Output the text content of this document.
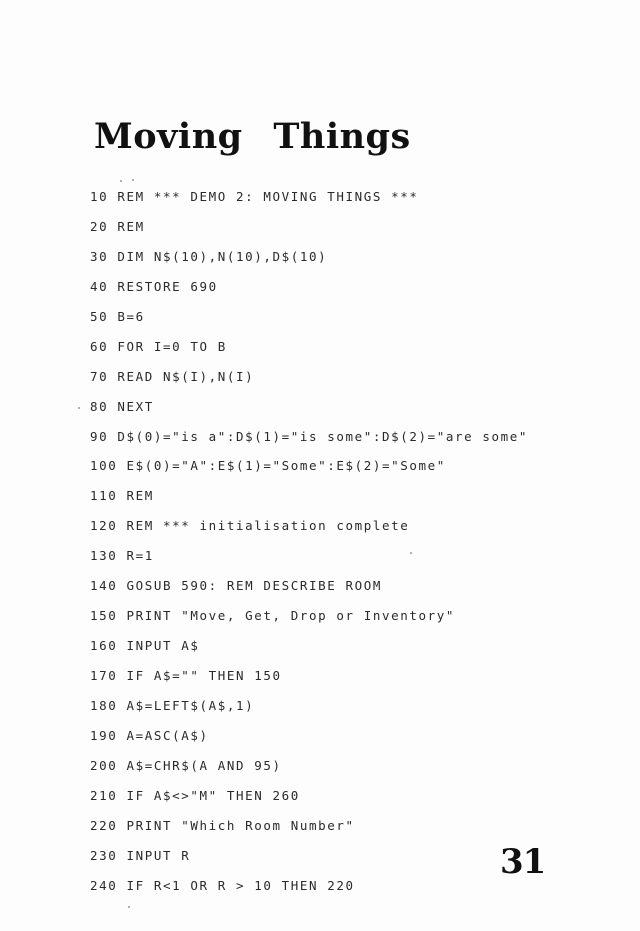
Moving Things
10 REM *** DEMO 2: MOVING THINGS ***
20 REM
30 DIM N$(10),N(10),D$(10)
40 RESTORE 690
50 B=6
60 FOR I=0 TO B
70 READ N$(I),N(I)
80 NEXT
90 D$(0)="is a":D$(1)="is some":D$(2)="are some"
100 E$(0)="A":E$(1)="Some":E$(2)="Some"
110 REM
120 REM *** initialisation complete
130 R=1
140 GOSUB 590: REM DESCRIBE ROOM
150 PRINT "Move, Get, Drop or Inventory"
160 INPUT A$
170 IF A$="" THEN 150
180 A$=LEFT$(A$,1)
190 A=ASC(A$)
200 A$=CHR$(A AND 95)
210 IF A$<>"M" THEN 260
220 PRINT "Which Room Number"
230 INPUT R
240 IF R<1 OR R > 10 THEN 220
31
